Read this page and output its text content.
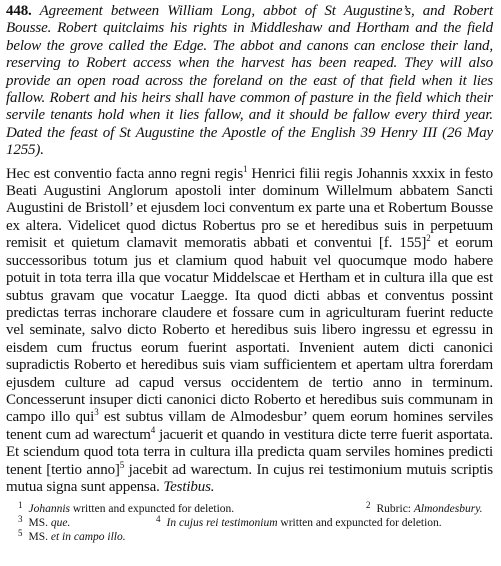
448. Agreement between William Long, abbot of St Augustine’s, and Robert Bousse. Robert quitclaims his rights in Middleshaw and Hortham and the field below the grove called the Edge. The abbot and canons can enclose their land, reserving to Robert access when the harvest has been reaped. They will also provide an open road across the foreland on the east of that field when it lies fallow. Robert and his heirs shall have common of pasture in the field which their servile tenants hold when it lies fallow, and it should be fallow every third year. Dated the feast of St Augustine the Apostle of the English 39 Henry III (26 May 1255).

Hec est conventio facta anno regni regis$^1$ Henrici filii regis Johannis xxxix in festo Beati Augustini Anglorum apostoli inter dominum Willelmum abbatem Sancti Augustini de Bristoll’ et ejusdem loci conventum ex parte una et Robertum Bousse ex altera. Videlicet quod dictus Robertus pro se et heredibus suis in perpetuum remisit et quietum clamavit memoratis abbati et conventui [f. 155]$^2$ et eorum successoribus totum jus et clamium quod habuit vel quocumque modo habere potuit in tota terra illa que vocatur Middelscae et Hertham et in cultura illa que est subtus gravam que vocatur Laegge. Ita quod dicti abbas et conventus possint predictas terras inchorare claudere et fossare cum in agriculturam fuerint reducte vel seminate, salvo dicto Roberto et heredibus suis libero ingressu et egressu in eisdem cum fructus eorum fuerint asportati. Invenient autem dicti canonici supradictis Roberto et heredibus suis viam sufficientem et apertam ultra forerdam ejusdem culture ad capud versus occidentem de tertio anno in terminum. Concesserunt insuper dicti canonici dicto Roberto et heredibus suis communam in campo illo qui$^3$ est subtus villam de Almodesbur’ quem eorum homines serviles tenent cum ad warectum$^4$ jacuerit et quando in vestitura dicte terre fuerit asportata. Et sciendum quod tota terra in cultura illa predicta quam serviles homines predicti tenent [tertio anno]$^5$ jacebit ad warectum. In cujus rei testimonium mutuis scriptis mutua signa sunt appensa. Testibus.

$^1$ Johannis written and expuncted for deletion.	$^2$ Rubric: Almondesbury.
$^3$ MS. que.	$^4$ In cujus rei testimonium written and expuncted for deletion.
$^5$ MS. et in campo illo.
